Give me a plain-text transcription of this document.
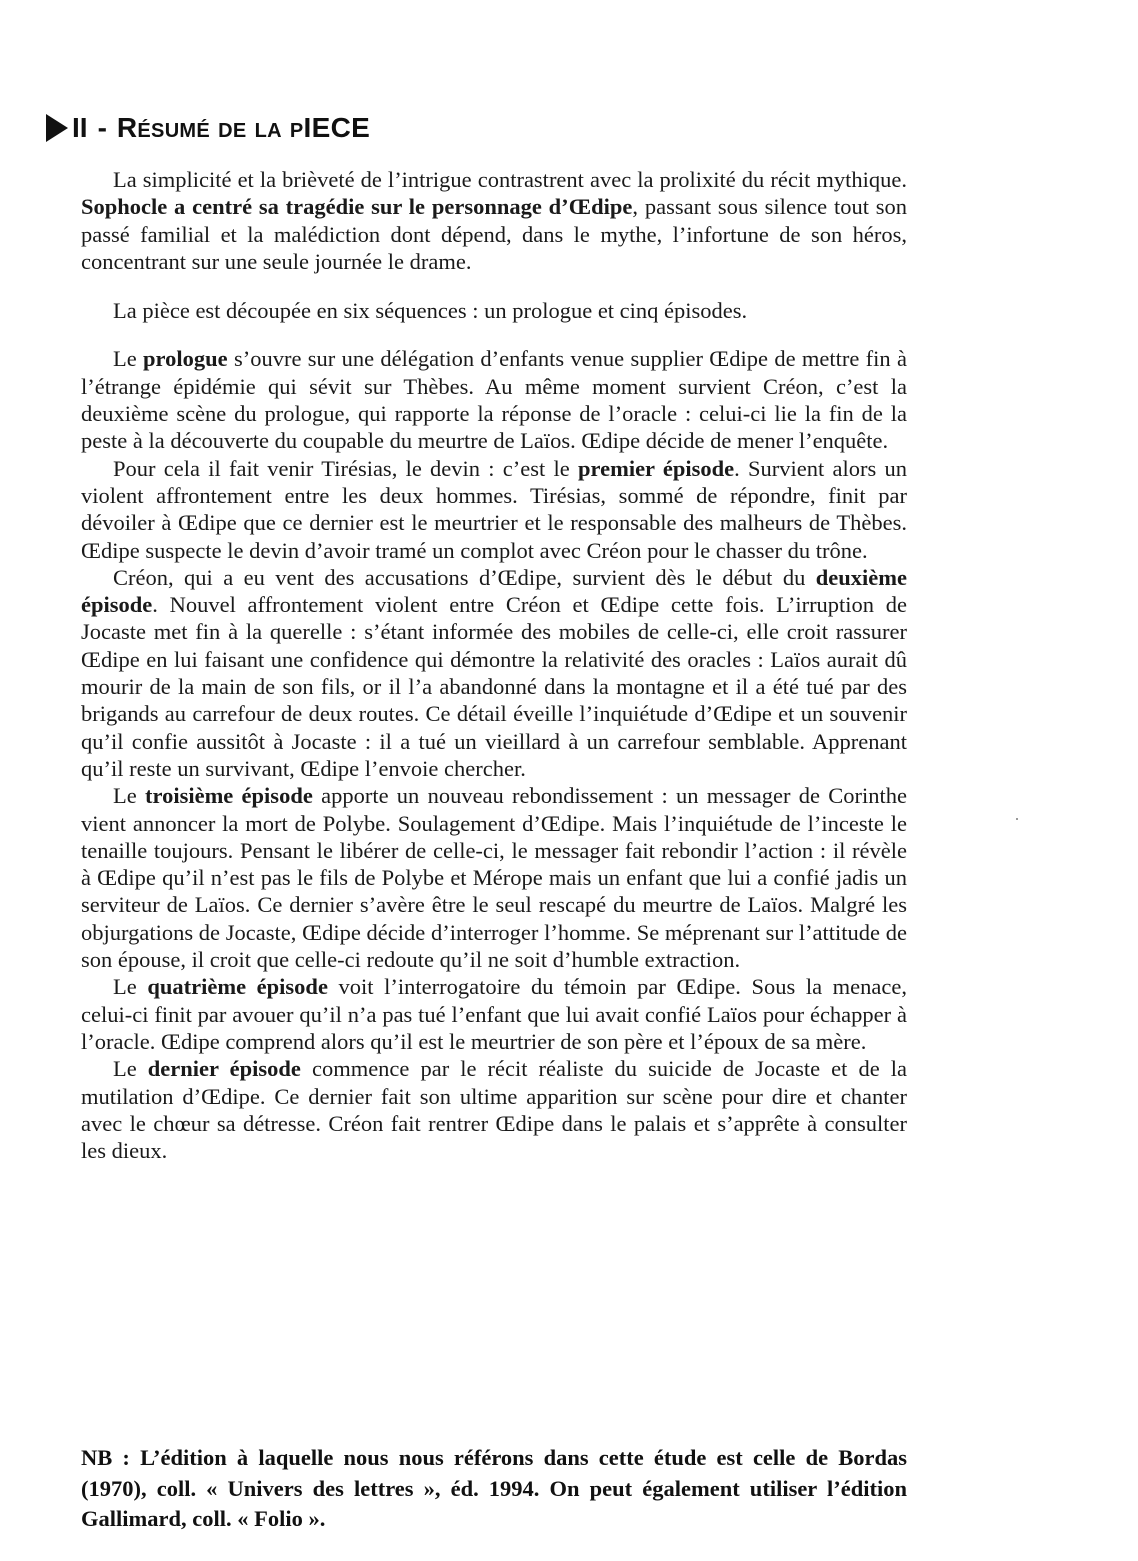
II - Résumé de la pIECE

La simplicité et la brièveté de l’intrigue contrastrent avec la prolixité du récit mythique. Sophocle a centré sa tragédie sur le personnage d’Œdipe, passant sous silence tout son passé familial et la malédiction dont dépend, dans le mythe, l’infortune de son héros, concentrant sur une seule journée le drame.

La pièce est découpée en six séquences : un prologue et cinq épisodes.

Le prologue s’ouvre sur une délégation d’enfants venue supplier Œdipe de mettre fin à l’étrange épidémie qui sévit sur Thèbes. Au même moment survient Créon, c’est la deuxième scène du prologue, qui rapporte la réponse de l’oracle : celui-ci lie la fin de la peste à la découverte du coupable du meurtre de Laïos. Œdipe décide de mener l’enquête.

Pour cela il fait venir Tirésias, le devin : c’est le premier épisode. Survient alors un violent affrontement entre les deux hommes. Tirésias, sommé de répondre, finit par dévoiler à Œdipe que ce dernier est le meurtrier et le responsable des malheurs de Thèbes. Œdipe suspecte le devin d’avoir tramé un complot avec Créon pour le chasser du trône.

Créon, qui a eu vent des accusations d’Œdipe, survient dès le début du deuxième épisode. Nouvel affrontement violent entre Créon et Œdipe cette fois. L’irruption de Jocaste met fin à la querelle : s’étant informée des mobiles de celle-ci, elle croit rassurer Œdipe en lui faisant une confidence qui démontre la relativité des oracles : Laïos aurait dû mourir de la main de son fils, or il l’a abandonné dans la montagne et il a été tué par des brigands au carrefour de deux routes. Ce détail éveille l’inquiétude d’Œdipe et un souvenir qu’il confie aussitôt à Jocaste : il a tué un vieillard à un carrefour semblable. Apprenant qu’il reste un survivant, Œdipe l’envoie chercher.

Le troisième épisode apporte un nouveau rebondissement : un messager de Corinthe vient annoncer la mort de Polybe. Soulagement d’Œdipe. Mais l’inquiétude de l’inceste le tenaille toujours. Pensant le libérer de celle-ci, le messager fait rebondir l’action : il révèle à Œdipe qu’il n’est pas le fils de Polybe et Mérope mais un enfant que lui a confié jadis un serviteur de Laïos. Ce dernier s’avère être le seul rescapé du meurtre de Laïos. Malgré les objurgations de Jocaste, Œdipe décide d’interroger l’homme. Se méprenant sur l’attitude de son épouse, il croit que celle-ci redoute qu’il ne soit d’humble extraction.

Le quatrième épisode voit l’interrogatoire du témoin par Œdipe. Sous la menace, celui-ci finit par avouer qu’il n’a pas tué l’enfant que lui avait confié Laïos pour échapper à l’oracle. Œdipe comprend alors qu’il est le meurtrier de son père et l’époux de sa mère.

Le dernier épisode commence par le récit réaliste du suicide de Jocaste et de la mutilation d’Œdipe. Ce dernier fait son ultime apparition sur scène pour dire et chanter avec le chœur sa détresse. Créon fait rentrer Œdipe dans le palais et s’apprête à consulter les dieux.

NB : L’édition à laquelle nous nous référons dans cette étude est celle de Bordas (1970), coll. « Univers des lettres », éd. 1994. On peut également utiliser l’édition Gallimard, coll. « Folio ».
